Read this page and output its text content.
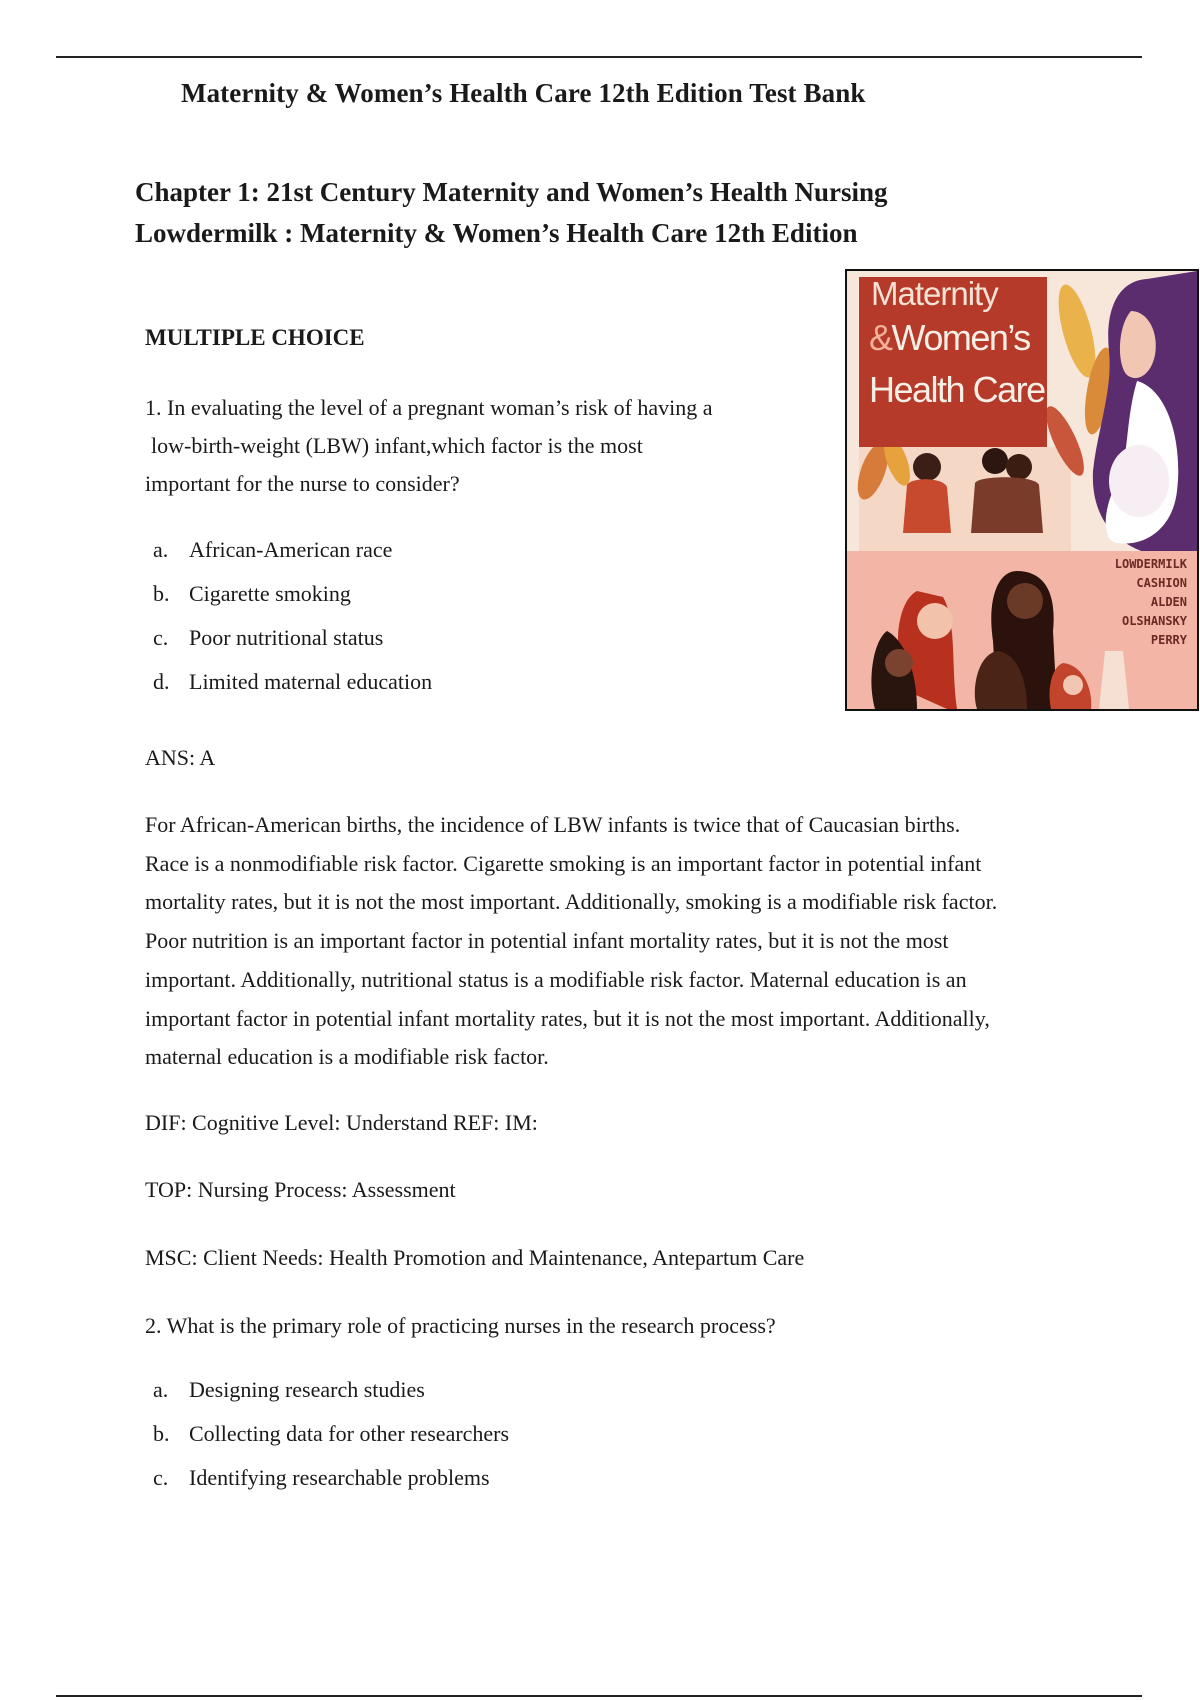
Maternity & Women’s Health Care 12th Edition Test Bank
Chapter 1: 21st Century Maternity and Women’s Health Nursing
Lowdermilk : Maternity & Women’s Health Care 12th Edition
Maternity
&Women’s
Health Care
LOWDERMILK
CASHION
ALDEN
OLSHANSKY
PERRY
MULTIPLE CHOICE
1. In evaluating the level of a pregnant woman’s risk of having a
low-birth-weight (LBW) infant,which factor is the most
important for the nurse to consider?
a. African-American race
b. Cigarette smoking
c. Poor nutritional status
d. Limited maternal education
ANS: A
For African-American births, the incidence of LBW infants is twice that of Caucasian births.
Race is a nonmodifiable risk factor. Cigarette smoking is an important factor in potential infant
mortality rates, but it is not the most important. Additionally, smoking is a modifiable risk factor.
Poor nutrition is an important factor in potential infant mortality rates, but it is not the most
important. Additionally, nutritional status is a modifiable risk factor. Maternal education is an
important factor in potential infant mortality rates, but it is not the most important. Additionally,
maternal education is a modifiable risk factor.
DIF: Cognitive Level: Understand REF: IM:
TOP: Nursing Process: Assessment
MSC: Client Needs: Health Promotion and Maintenance, Antepartum Care
2. What is the primary role of practicing nurses in the research process?
a. Designing research studies
b. Collecting data for other researchers
c. Identifying researchable problems
